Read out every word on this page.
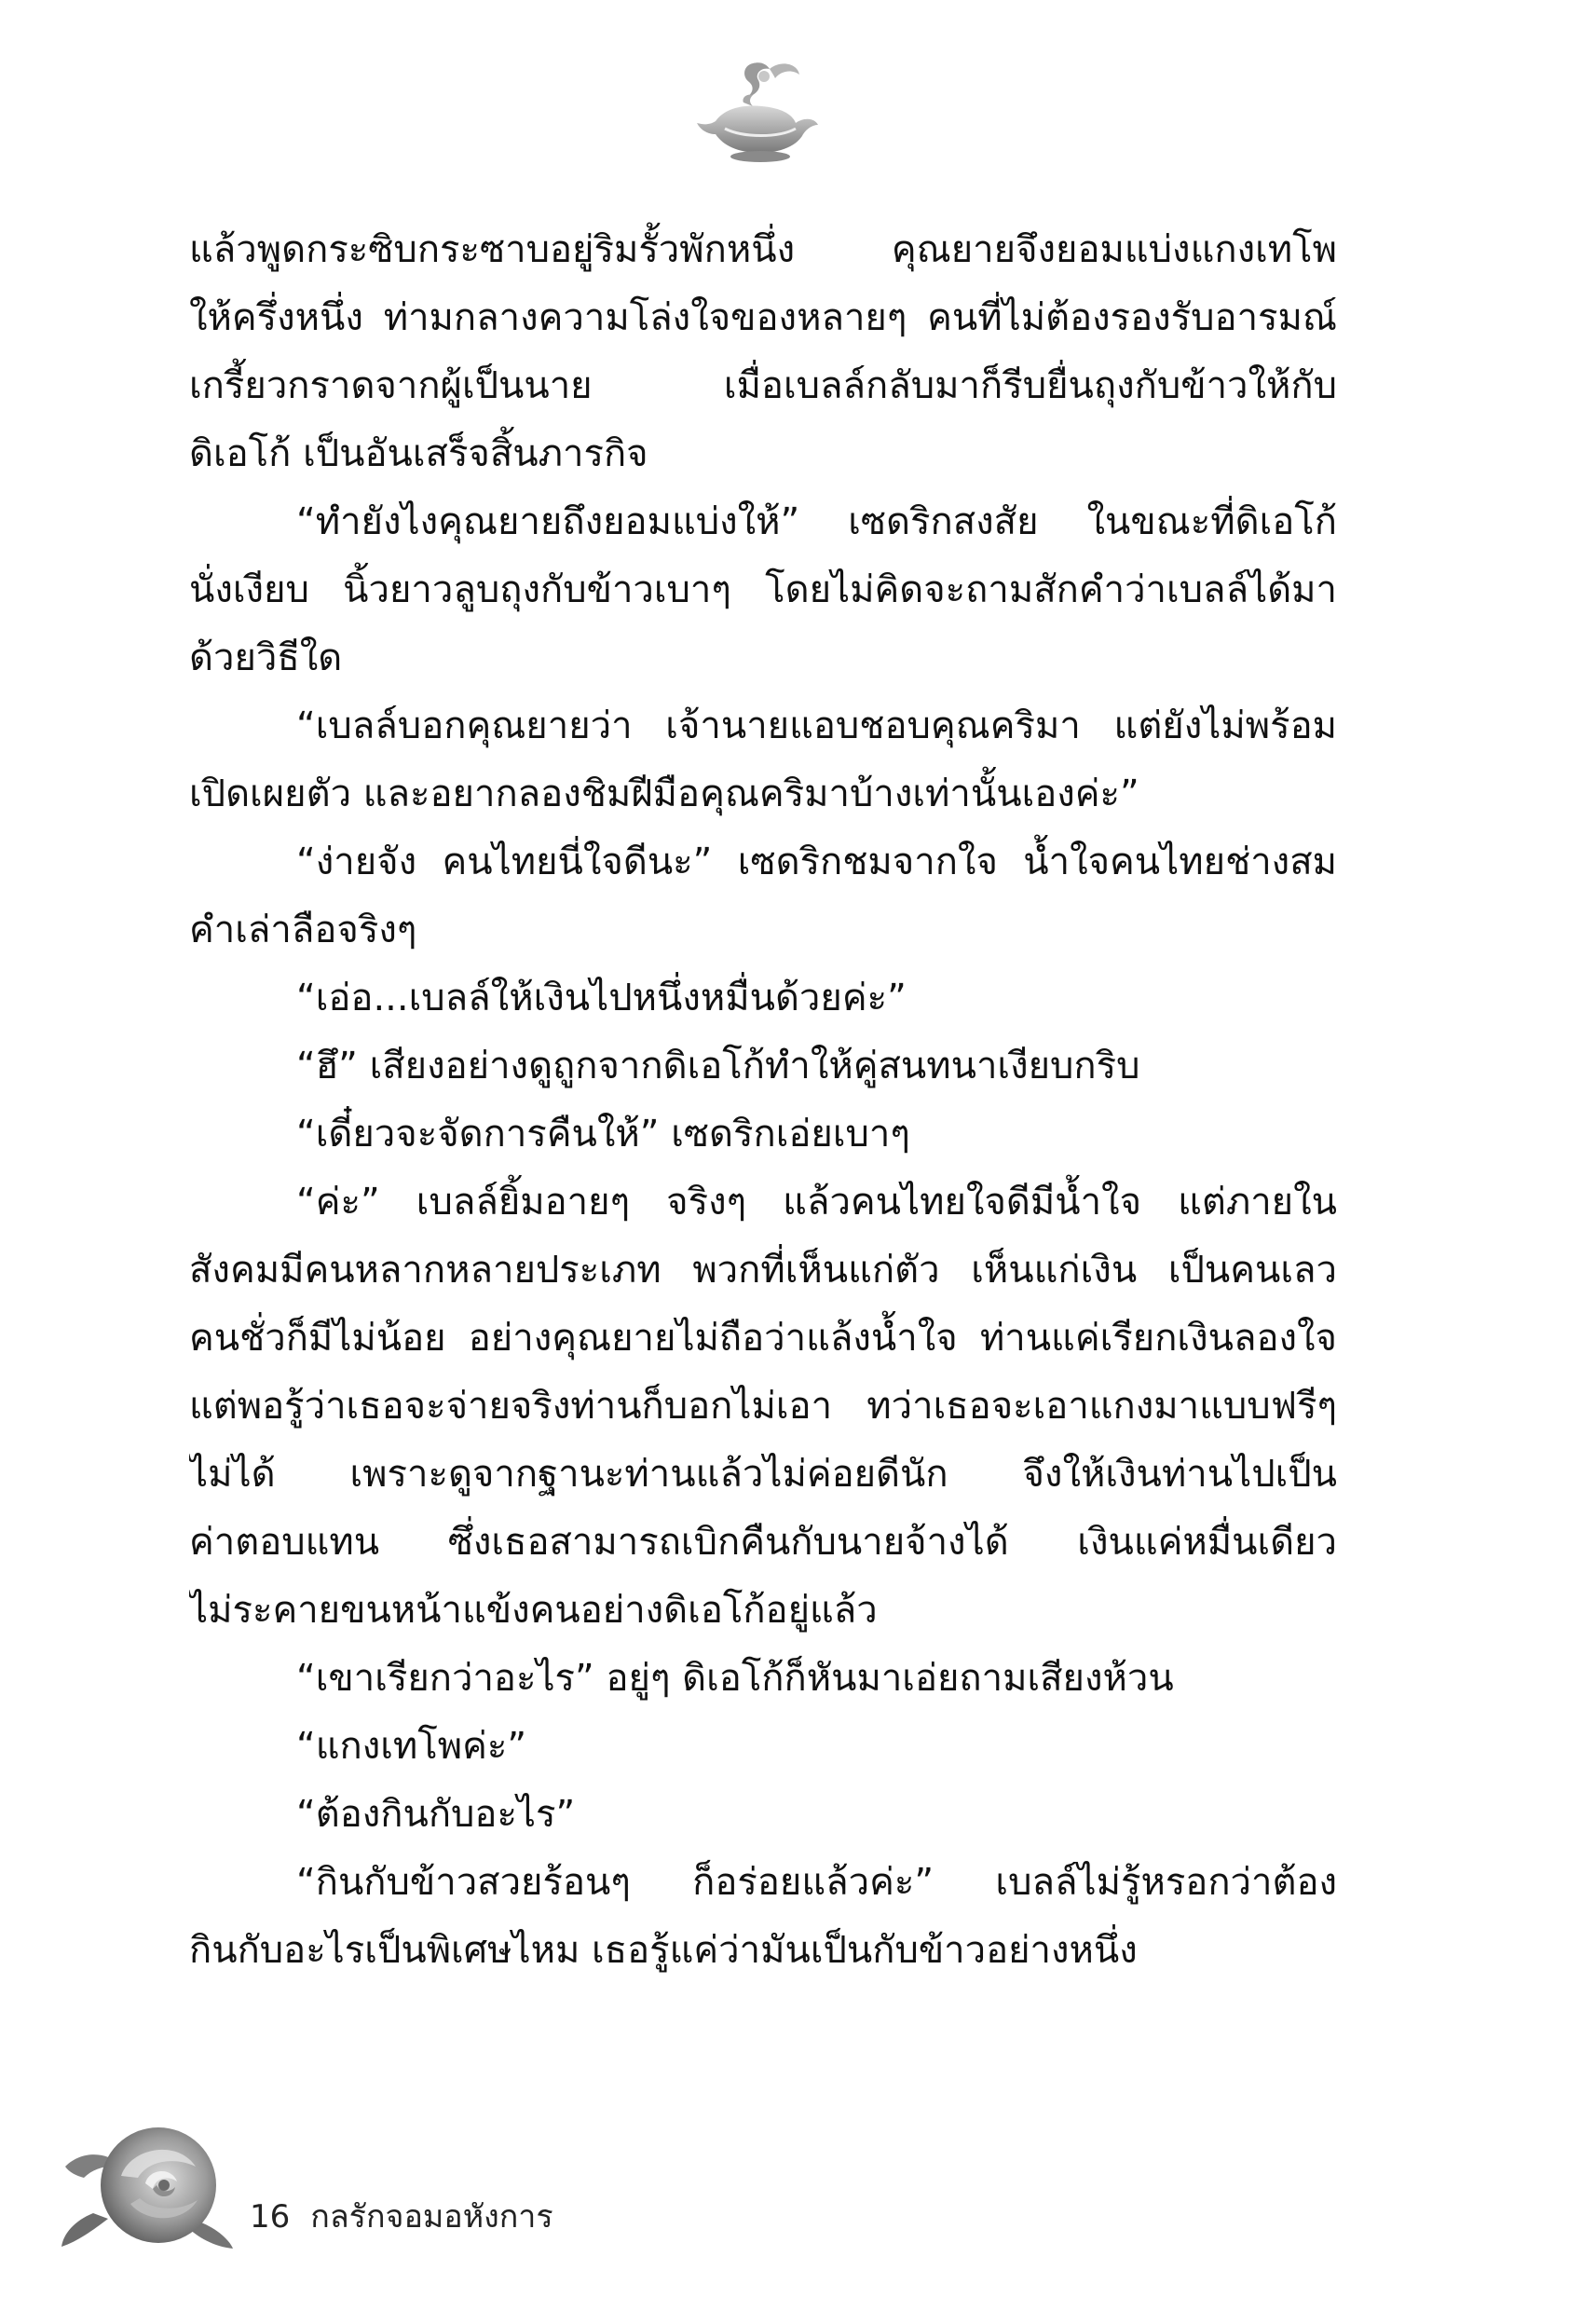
แล้วพูดกระซิบกระซาบอยู่ริมรั้วพักหนึ่ง คุณยายจึงยอมแบ่งแกงเทโพ
ให้ครึ่งหนึ่ง ท่ามกลางความโล่งใจของหลายๆ คนที่ไม่ต้องรองรับอารมณ์
เกรี้ยวกราดจากผู้เป็นนาย เมื่อเบลล์กลับมาก็รีบยื่นถุงกับข้าวให้กับ
ดิเอโก้ เป็นอันเสร็จสิ้นภารกิจ
“ทำยังไงคุณยายถึงยอมแบ่งให้” เซดริกสงสัย ในขณะที่ดิเอโก้
นั่งเงียบ นิ้วยาวลูบถุงกับข้าวเบาๆ โดยไม่คิดจะถามสักคำว่าเบลล์ได้มา
ด้วยวิธีใด
“เบลล์บอกคุณยายว่า เจ้านายแอบชอบคุณคริมา แต่ยังไม่พร้อม
เปิดเผยตัว และอยากลองชิมฝีมือคุณคริมาบ้างเท่านั้นเองค่ะ”
“ง่ายจัง คนไทยนี่ใจดีนะ” เซดริกชมจากใจ น้ำใจคนไทยช่างสม
คำเล่าลือจริงๆ
“เอ่อ...เบลล์ให้เงินไปหนึ่งหมื่นด้วยค่ะ”
“ฮึ” เสียงอย่างดูถูกจากดิเอโก้ทำให้คู่สนทนาเงียบกริบ
“เดี๋ยวจะจัดการคืนให้” เซดริกเอ่ยเบาๆ
“ค่ะ” เบลล์ยิ้มอายๆ จริงๆ แล้วคนไทยใจดีมีน้ำใจ แต่ภายใน
สังคมมีคนหลากหลายประเภท พวกที่เห็นแก่ตัว เห็นแก่เงิน เป็นคนเลว
คนชั่วก็มีไม่น้อย อย่างคุณยายไม่ถือว่าแล้งน้ำใจ ท่านแค่เรียกเงินลองใจ
แต่พอรู้ว่าเธอจะจ่ายจริงท่านก็บอกไม่เอา ทว่าเธอจะเอาแกงมาแบบฟรีๆ
ไม่ได้ เพราะดูจากฐานะท่านแล้วไม่ค่อยดีนัก จึงให้เงินท่านไปเป็น
ค่าตอบแทน ซึ่งเธอสามารถเบิกคืนกับนายจ้างได้ เงินแค่หมื่นเดียว
ไม่ระคายขนหน้าแข้งคนอย่างดิเอโก้อยู่แล้ว
“เขาเรียกว่าอะไร” อยู่ๆ ดิเอโก้ก็หันมาเอ่ยถามเสียงห้วน
“แกงเทโพค่ะ”
“ต้องกินกับอะไร”
“กินกับข้าวสวยร้อนๆ ก็อร่อยแล้วค่ะ” เบลล์ไม่รู้หรอกว่าต้อง
กินกับอะไรเป็นพิเศษไหม เธอรู้แค่ว่ามันเป็นกับข้าวอย่างหนึ่ง
16 กลรักจอมอหังการ
